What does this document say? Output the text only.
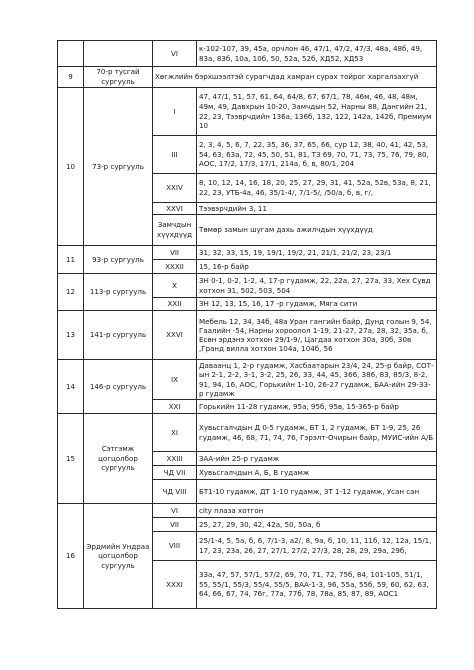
		VI	к-102-107, 39, 45а, орчлон 46, 47/1, 47/2, 47/3, 48а, 48б, 49, 83а, 83б, 10а, 10б, 50, 52а, 52б, ХД52, ХД53
9	70-р тусгай сургууль	Хөгжлийн бэрхшээлтэй сурагчдад хамран сурах тойрог харгалзахгүй	
10	73-р сургууль	I	47, 47/1, 51, 57, 61, 64, 64/8, 67, 67/1, 78, 46м, 46, 48, 48м, 49м, 49, Давхрын 10-20, Замчдын 52, Нарны 88, Дангийн 21, 22, 23, Тээврчдийн 136а, 136б, 132, 122, 142а, 142б, Премиум 10
		III	2, 3, 4, 5, 6, 7, 22, 35, 36, 37, 65, 66, сур 12, 38, 40, 41, 42, 53, 54, 63, 63а, 72, 45, 50, 51, 81, ТЗ 69, 70, 71, 73, 75, 76, 79, 80, АОС, 17/2, 17/3, 17/1, 214а, б, в, 80/1, 204
		XXIV	8, 10, 12, 14, 16, 18, 20, 25, 27, 29, 31, 41, 52а, 52в, 53а, 8, 21, 22, 23, УТБ-4а, 46, 35/1-4/, 7/1-5/, /50/а, б, в, г/,
		XXVI	Тээвэрчдийн 3, 11
		Замчдын хүүхдүүд	Төмөр замын шугам дахь ажилчдын хүүхдүүд
11	93-р сургууль	VII	31, 32, 33, 15, 19, 19/1, 19/2, 21, 21/1, 21/2, 23, 23/1
		XXXII	15, 16-р байр
12	113-р сургууль	X	ЗН 0-1, 0-2, 1-2, 4, 17-р гудамж, 22, 22а, 27, 27а, 33, Хех Сувд хотхон 31, 502, 503, 504
		XXII	ЗН 12, 13, 15, 16, 17 -р гудамж, Мяга сити
13	141-р сургууль	XXVI	Мебель 12, 34, 34б, 48а Уран гангийн байр, Дунд голын 9, 54, Гаалийн -54, Нарны хороолол 1-19, 21-27, 27а, 28, 32, 35а, б, Есөн эрдэнэ хотхон 29/1-9/, Цагдаа хотхон 30а, 30б, 30в ,Гранд вилла хотхон 104а, 104б, 56
14	146-р сургууль	IX	Даваанц 1, 2-р гудамж, Хасбаатарын 23/4, 24, 25-р байр, СОТ-ын 2-1, 2-2, 3-1, 3-2, 25, 26, 33, 44, 45, 366, 386, 83, 85/3, 8-2, 91, 94, 16, АОС, Горькийн 1-10, 26-27 гудамж, БАА-ийн 29-33-р гудамж
		XXI	Горькийн 11-28 гудамж, 95а, 95б, 95в, 15-365-р байр
15	Сэтгэмж цогцолбор сургууль	XI	Хувьсгалчдын Д 0-5 гудамж, БТ 1, 2 гудамж, БТ 1-9, 25, 26 гудамж, 46, 68, 71, 74, 76, Гэрэлт-Очирын байр, МУИС-ийн А/Б
		XXIII	ЗАА-ийн 25-р гудамж
		ЧД VII	Хувьсгалчдын А, Б, В гудамж
		ЧД VIII	БТ1-10 гудамж, ДТ 1-10 гудамж, ЗТ 1-12 гудамж, Усан сан
16	Эрдмийн Ундраа цогцолбор сургууль	VI	city плаза хотгон
		VII	25, 27, 29, 30, 42, 42а, 50, 50а, б
		VIII	25/1-4, 5, 5а, б, 6, 7/1-3, а2/, 8, 9а, б, 10, 11, 11б, 12, 12а, 15/1, 17, 23, 23а, 26, 27, 27/1, 27/2, 27/3, 28, 28, 29, 29а, 29б,
		XXXI	33а, 47, 57, 57/1, 57/2, 69, 70, 71, 72, 75б, 84, 101-105, 51/1, 55, 55/1, 55/3, 55/4, 55/5, ВАА-1-3, 96, 55а, 55б, 59, 60, 62, 63, 64, 66, 67, 74, 76г, 77а, 77б, 78, 78а, 85, 87, 89, АОС1
